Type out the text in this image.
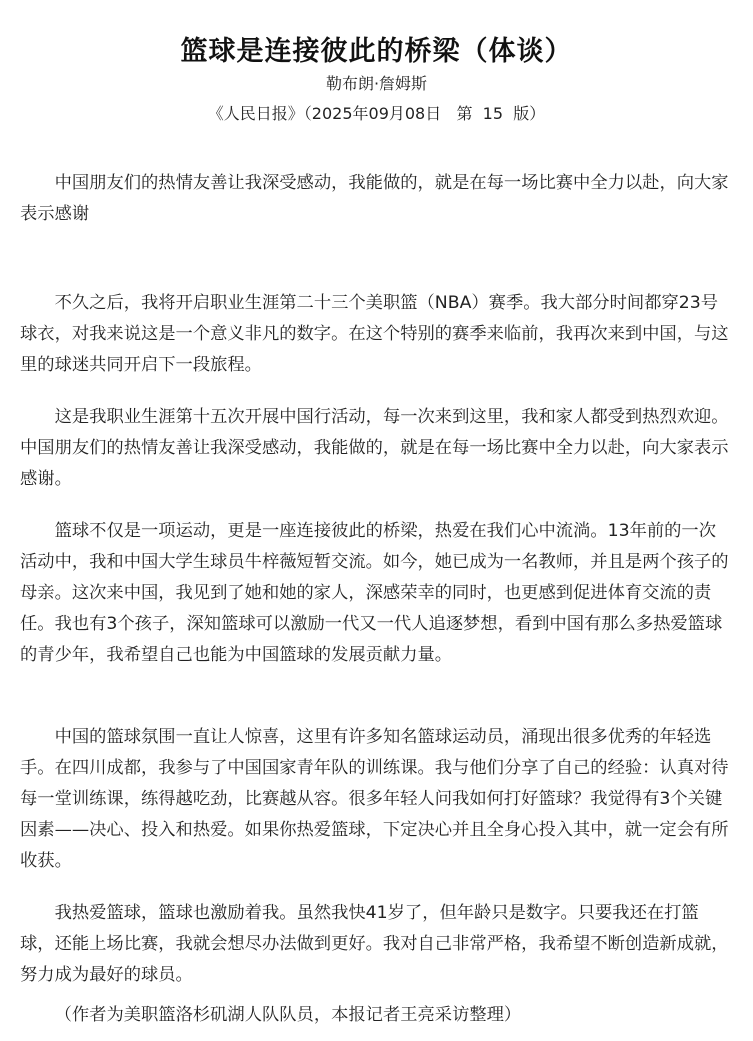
篮球是连接彼此的桥梁（体谈）
勒布朗·詹姆斯
《人民日报》（2025年09月08日   第  15  版）

中国朋友们的热情友善让我深受感动，我能做的，就是在每一场比赛中全力以赴，向大家表示感谢

不久之后，我将开启职业生涯第二十三个美职篮（NBA）赛季。我大部分时间都穿23号球衣，对我来说这是一个意义非凡的数字。在这个特别的赛季来临前，我再次来到中国，与这里的球迷共同开启下一段旅程。

这是我职业生涯第十五次开展中国行活动，每一次来到这里，我和家人都受到热烈欢迎。中国朋友们的热情友善让我深受感动，我能做的，就是在每一场比赛中全力以赴，向大家表示感谢。

篮球不仅是一项运动，更是一座连接彼此的桥梁，热爱在我们心中流淌。13年前的一次活动中，我和中国大学生球员牛梓薇短暂交流。如今，她已成为一名教师，并且是两个孩子的母亲。这次来中国，我见到了她和她的家人，深感荣幸的同时，也更感到促进体育交流的责任。我也有3个孩子，深知篮球可以激励一代又一代人追逐梦想，看到中国有那么多热爱篮球的青少年，我希望自己也能为中国篮球的发展贡献力量。

中国的篮球氛围一直让人惊喜，这里有许多知名篮球运动员，涌现出很多优秀的年轻选手。在四川成都，我参与了中国国家青年队的训练课。我与他们分享了自己的经验：认真对待每一堂训练课，练得越吃劲，比赛越从容。很多年轻人问我如何打好篮球？我觉得有3个关键因素——决心、投入和热爱。如果你热爱篮球，下定决心并且全身心投入其中，就一定会有所收获。

我热爱篮球，篮球也激励着我。虽然我快41岁了，但年龄只是数字。只要我还在打篮球，还能上场比赛，我就会想尽办法做到更好。我对自己非常严格，我希望不断创造新成就，努力成为最好的球员。

（作者为美职篮洛杉矶湖人队队员，本报记者王亮采访整理）
